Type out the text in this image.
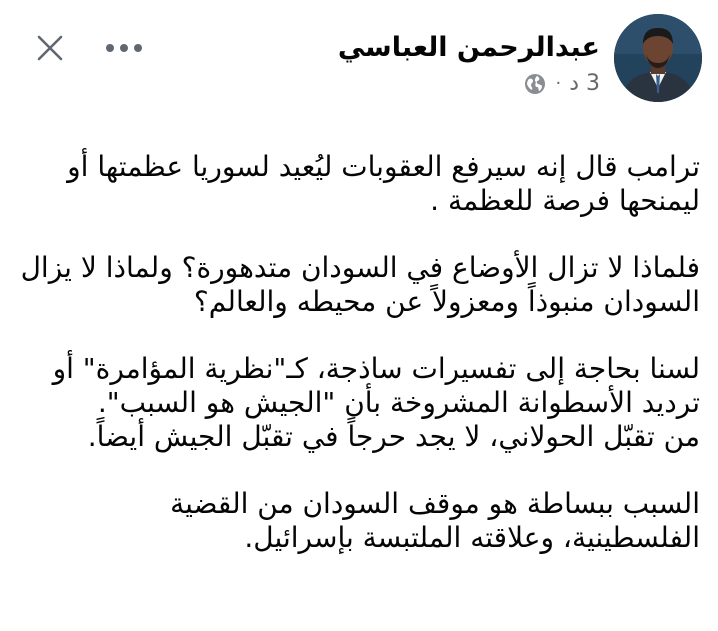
عبدالرحمن العباسي
3 د
·

ترامب قال إنه سيرفع العقوبات ليُعيد لسوريا عظمتها أو
ليمنحها فرصة للعظمة .

فلماذا لا تزال الأوضاع في السودان متدهورة؟ ولماذا لا يزال
السودان منبوذاً ومعزولاً عن محيطه والعالم؟

لسنا بحاجة إلى تفسيرات ساذجة، كـ"نظرية المؤامرة" أو
ترديد الأسطوانة المشروخة بأن "الجيش هو السبب".
من تقبّل الحولاني، لا يجد حرجاً في تقبّل الجيش أيضاً.

السبب ببساطة هو موقف السودان من القضية
الفلسطينية، وعلاقته الملتبسة بإسرائيل.
